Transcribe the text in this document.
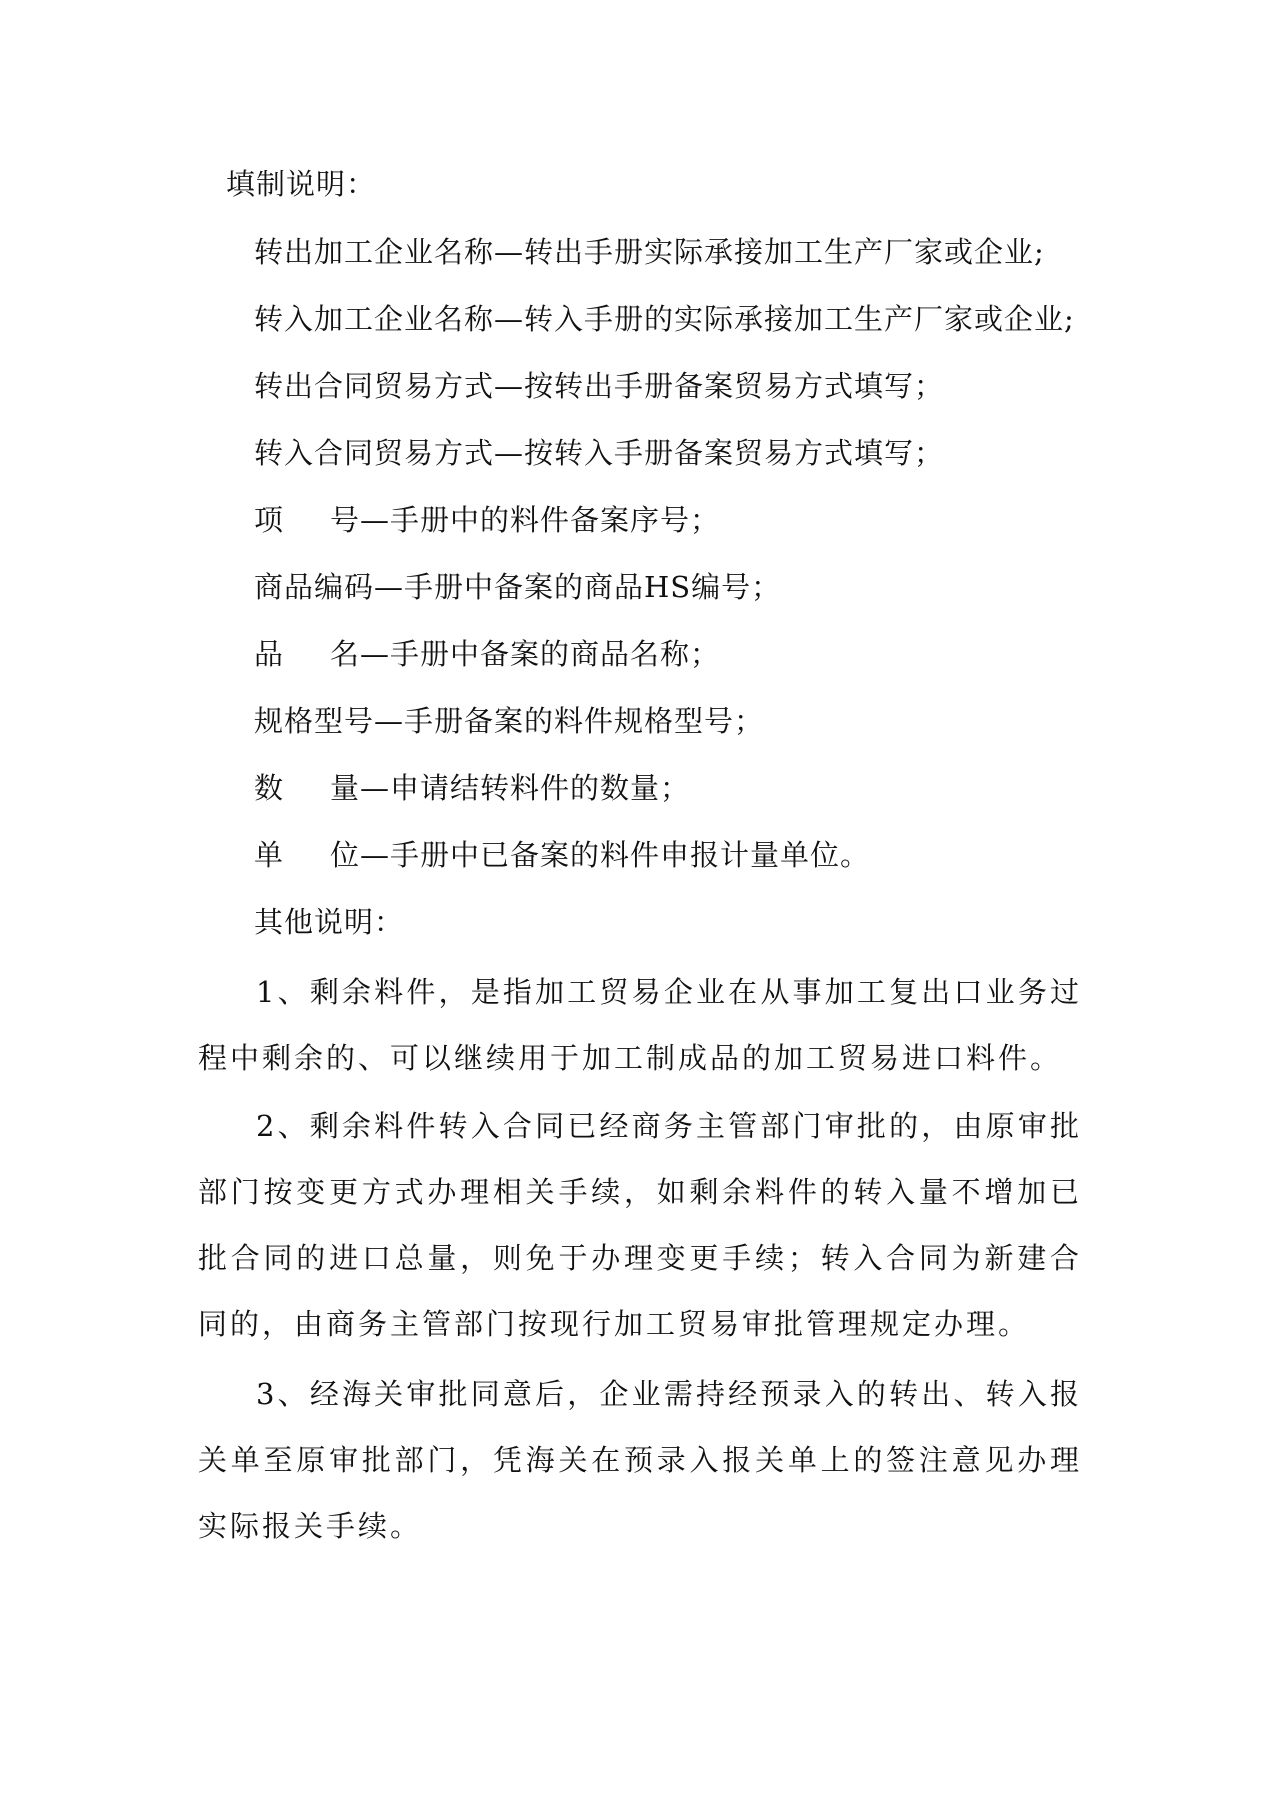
填制说明：
转出加工企业名称—转出手册实际承接加工生产厂家或企业;
转入加工企业名称—转入手册的实际承接加工生产厂家或企业;
转出合同贸易方式—按转出手册备案贸易方式填写；
转入合同贸易方式—按转入手册备案贸易方式填写；
项 号—手册中的料件备案序号；
商品编码—手册中备案的商品HS编号；
品 名—手册中备案的商品名称；
规格型号—手册备案的料件规格型号；
数 量—申请结转料件的数量；
单 位—手册中已备案的料件申报计量单位。
其他说明：
1、剩余料件，是指加工贸易企业在从事加工复出口业务过程中剩余的、可以继续用于加工制成品的加工贸易进口料件。
2、剩余料件转入合同已经商务主管部门审批的，由原审批部门按变更方式办理相关手续，如剩余料件的转入量不增加已批合同的进口总量，则免于办理变更手续；转入合同为新建合同的，由商务主管部门按现行加工贸易审批管理规定办理。
3、经海关审批同意后，企业需持经预录入的转出、转入报关单至原审批部门，凭海关在预录入报关单上的签注意见办理实际报关手续。
